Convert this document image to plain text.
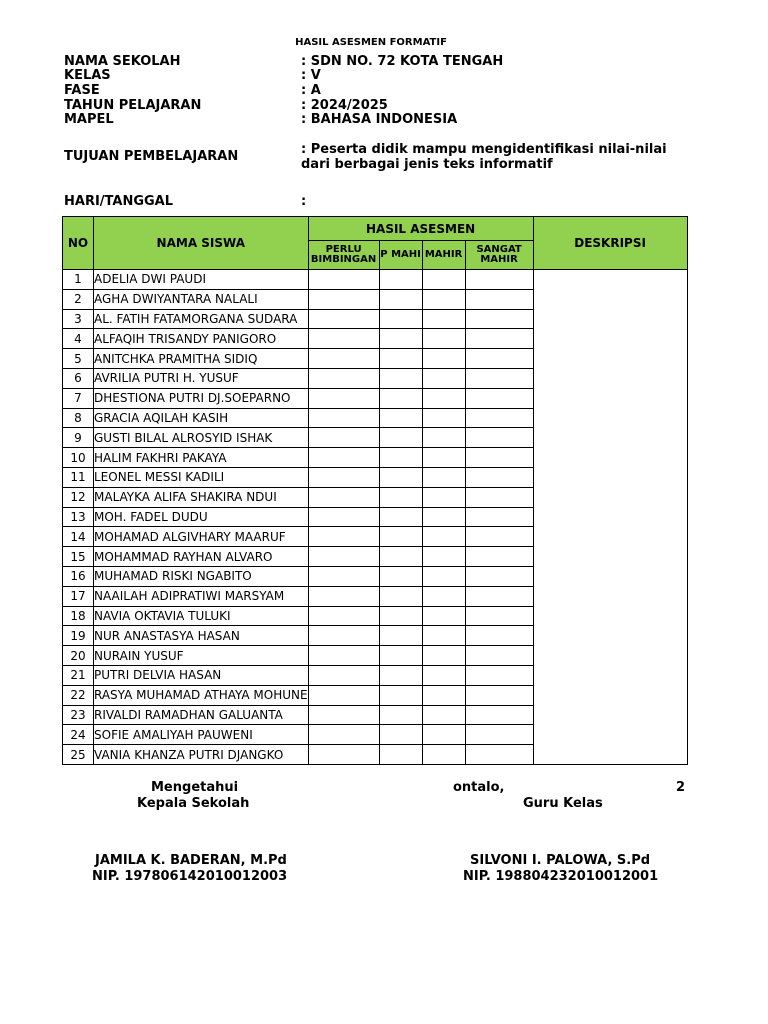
HASIL ASESMEN FORMATIF
NAMA SEKOLAH	: SDN NO. 72 KOTA TENGAH
KELAS	: V
FASE	: A
TAHUN PELAJARAN	: 2024/2025
MAPEL	: BAHASA INDONESIA
TUJUAN PEMBELAJARAN	: Peserta didik mampu mengidentifikasi nilai-nilai dari berbagai jenis teks informatif
HARI/TANGGAL	:
NO	NAMA SISWA	HASIL ASESMEN				DESKRIPSI

		PERLU BIMBINGAN	P MAHI	MAHIR	SANGAT MAHIR	

1	ADELIA DWI PAUDI					
2	AGHA DWIYANTARA NALALI					
3	AL. FATIH FATAMORGANA SUDARA					
4	ALFAQIH TRISANDY PANIGORO					
5	ANITCHKA PRAMITHA SIDIQ					
6	AVRILIA PUTRI H. YUSUF					
7	DHESTIONA PUTRI DJ.SOEPARNO					
8	GRACIA AQILAH KASIH					
9	GUSTI BILAL ALROSYID ISHAK					
10	HALIM FAKHRI PAKAYA					
11	LEONEL MESSI KADILI					
12	MALAYKA ALIFA SHAKIRA NDUI					
13	MOH. FADEL DUDU					
14	MOHAMAD ALGIVHARY MAARUF					
15	MOHAMMAD RAYHAN ALVARO					
16	MUHAMAD RISKI NGABITO					
17	NAAILAH ADIPRATIWI MARSYAM					
18	NAVIA OKTAVIA TULUKI					
19	NUR ANASTASYA HASAN					
20	NURAIN YUSUF					
21	PUTRI DELVIA HASAN					
22	RASYA MUHAMAD ATHAYA MOHUNE					
23	RIVALDI RAMADHAN GALUANTA					
24	SOFIE AMALIYAH PAUWENI					
25	VANIA KHANZA PUTRI DJANGKO					
Mengetahui
Kepala Sekolah
JAMILA K. BADERAN, M.Pd
NIP. 197806142010012003
ontalo,	2
Guru Kelas
SILVONI I. PALOWA, S.Pd
NIP. 198804232010012001
